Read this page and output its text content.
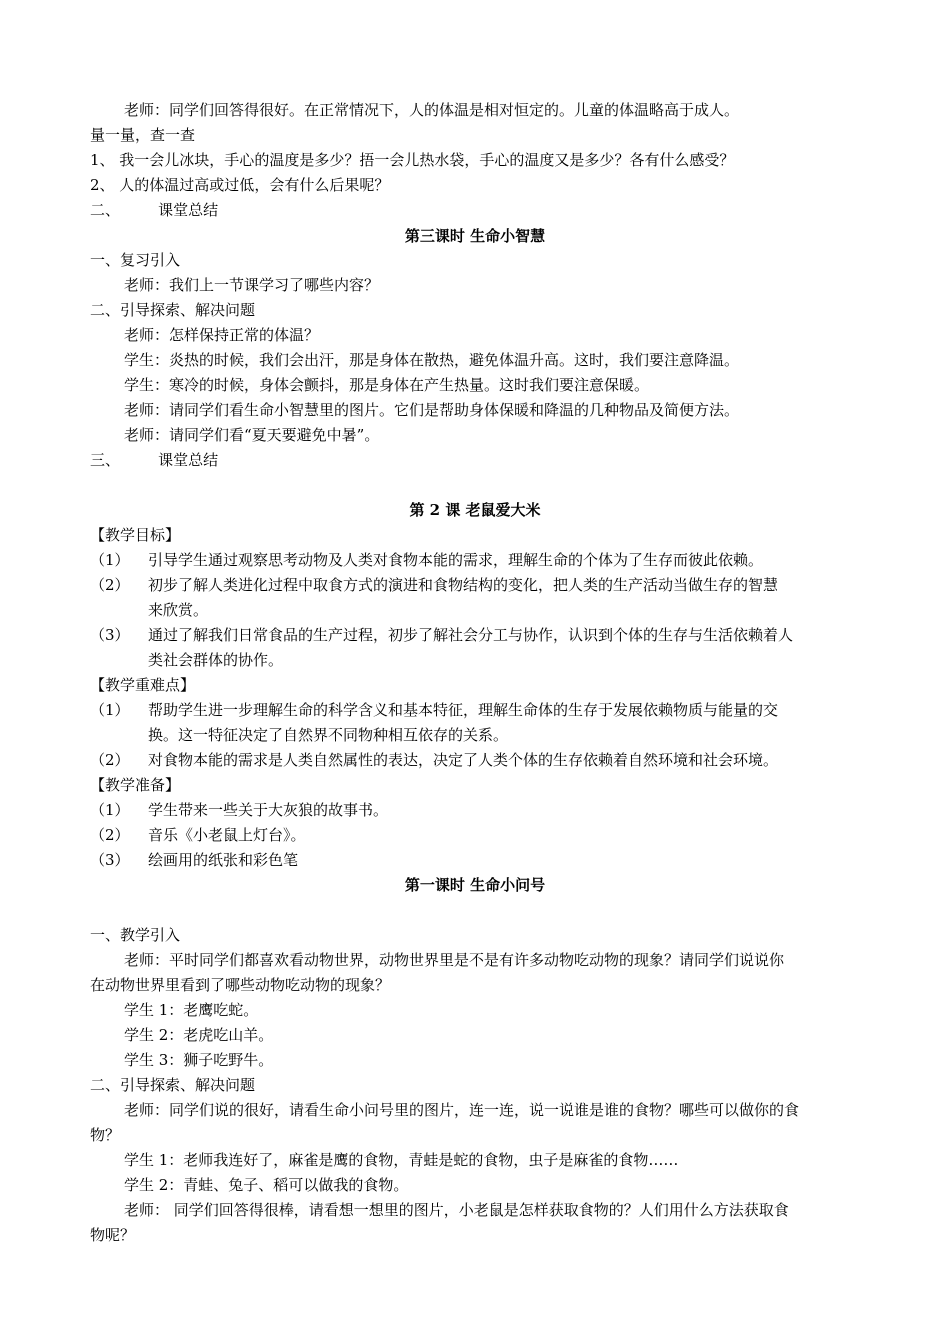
老师：同学们回答得很好。在正常情况下，人的体温是相对恒定的。儿童的体温略高于成人。
量一量，查一查
1、 我一会儿冰块，手心的温度是多少？捂一会儿热水袋，手心的温度又是多少？各有什么感受？
2、 人的体温过高或过低，会有什么后果呢？
二、        课堂总结
第三课时 生命小智慧
一、复习引入
老师：我们上一节课学习了哪些内容？
二、引导探索、解决问题
老师：怎样保持正常的体温？
学生：炎热的时候，我们会出汗，那是身体在散热，避免体温升高。这时，我们要注意降温。
学生：寒冷的时候，身体会颤抖，那是身体在产生热量。这时我们要注意保暖。
老师：请同学们看生命小智慧里的图片。它们是帮助身体保暖和降温的几种物品及简便方法。
老师：请同学们看“夏天要避免中暑”。
三、        课堂总结
第 2 课 老鼠爱大米
【教学目标】
（1） 引导学生通过观察思考动物及人类对食物本能的需求，理解生命的个体为了生存而彼此依赖。
（2） 初步了解人类进化过程中取食方式的演进和食物结构的变化，把人类的生产活动当做生存的智慧
来欣赏。
（3） 通过了解我们日常食品的生产过程，初步了解社会分工与协作，认识到个体的生存与生活依赖着人
类社会群体的协作。
【教学重难点】
（1） 帮助学生进一步理解生命的科学含义和基本特征，理解生命体的生存于发展依赖物质与能量的交
换。这一特征决定了自然界不同物种相互依存的关系。
（2） 对食物本能的需求是人类自然属性的表达，决定了人类个体的生存依赖着自然环境和社会环境。
【教学准备】
（1） 学生带来一些关于大灰狼的故事书。
（2） 音乐《小老鼠上灯台》。
（3） 绘画用的纸张和彩色笔
第一课时 生命小问号
一、教学引入
老师：平时同学们都喜欢看动物世界，动物世界里是不是有许多动物吃动物的现象？请同学们说说你
在动物世界里看到了哪些动物吃动物的现象？
学生 1：老鹰吃蛇。
学生 2：老虎吃山羊。
学生 3：狮子吃野牛。
二、引导探索、解决问题
老师：同学们说的很好，请看生命小问号里的图片，连一连，说一说谁是谁的食物？哪些可以做你的食
物？
学生 1：老师我连好了，麻雀是鹰的食物，青蛙是蛇的食物，虫子是麻雀的食物……
学生 2：青蛙、兔子、稻可以做我的食物。
老师： 同学们回答得很棒，请看想一想里的图片，小老鼠是怎样获取食物的？人们用什么方法获取食
物呢？
